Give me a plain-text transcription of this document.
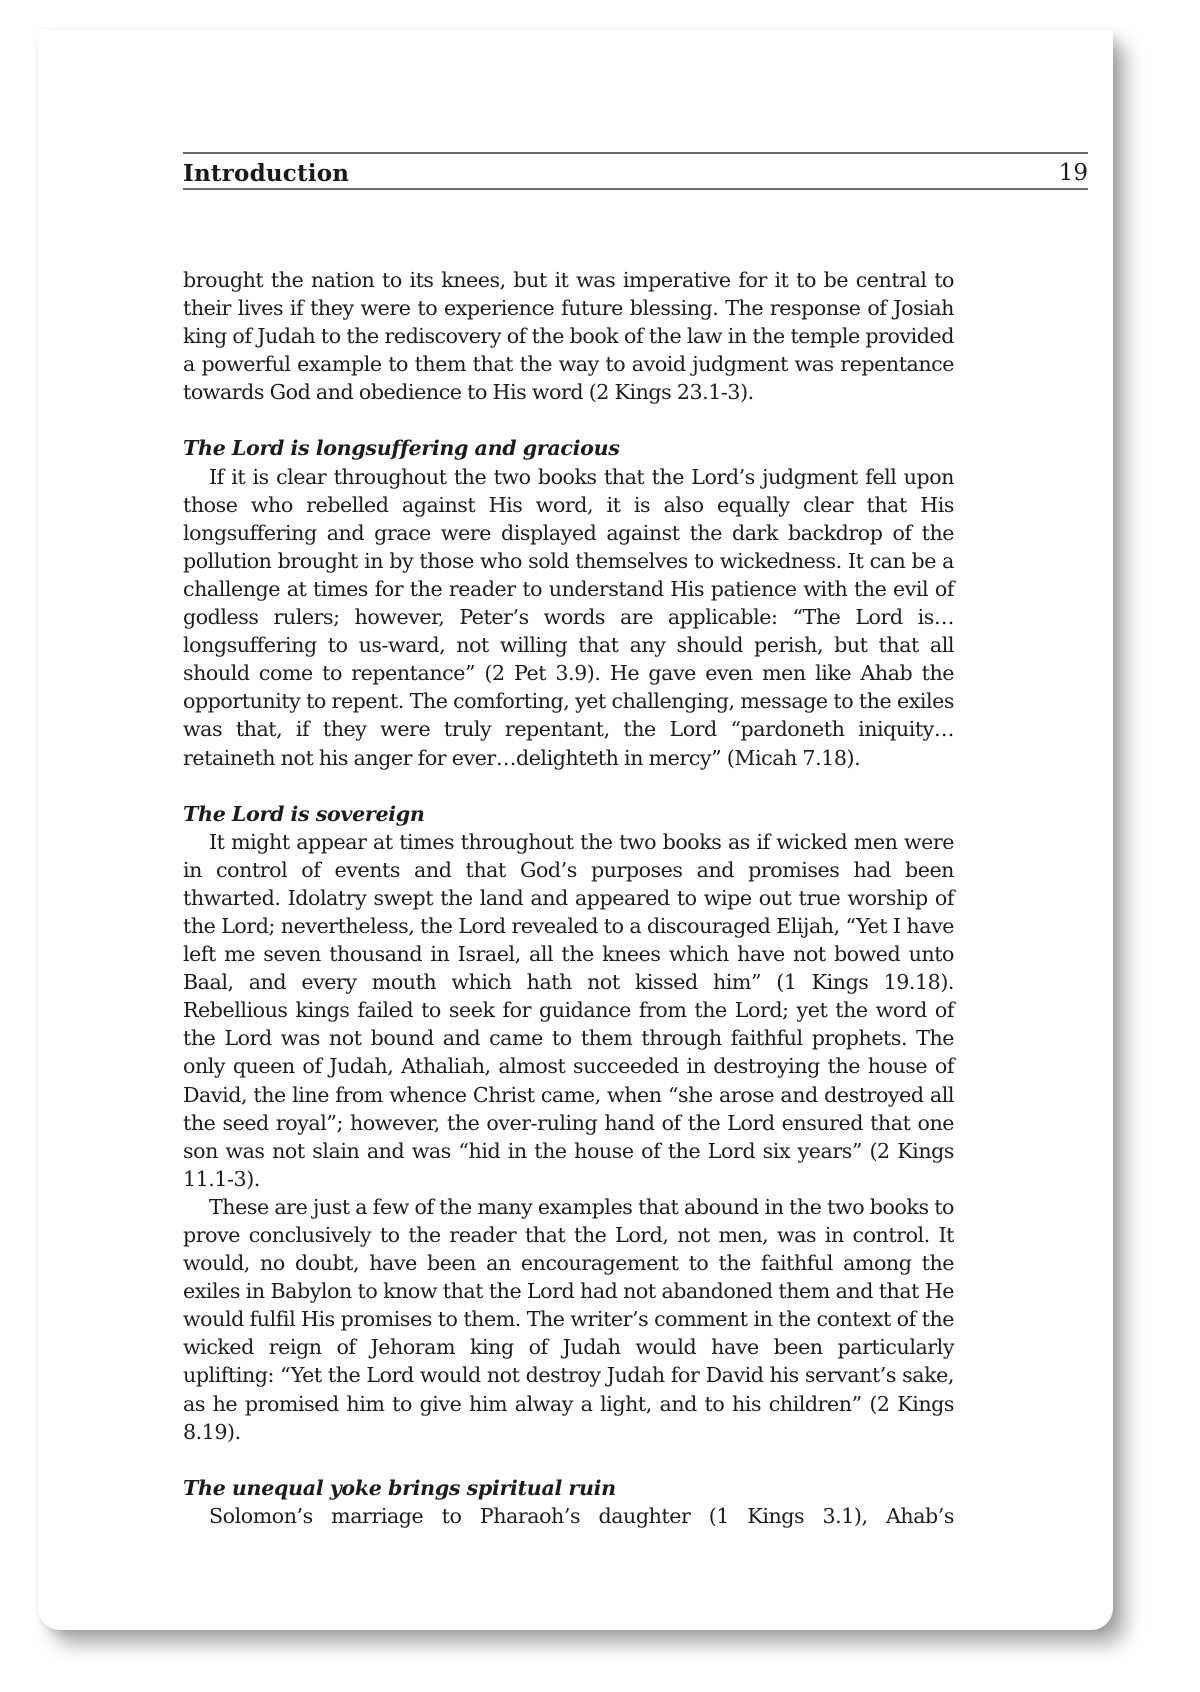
Introduction	19

brought the nation to its knees, but it was imperative for it to be central to their lives if they were to experience future blessing. The response of Josiah king of Judah to the rediscovery of the book of the law in the temple provided a powerful example to them that the way to avoid judgment was repentance towards God and obedience to His word (2 Kings 23.1-3).

The Lord is longsuffering and gracious

If it is clear throughout the two books that the Lord’s judgment fell upon those who rebelled against His word, it is also equally clear that His longsuffering and grace were displayed against the dark backdrop of the pollution brought in by those who sold themselves to wickedness. It can be a challenge at times for the reader to understand His patience with the evil of godless rulers; however, Peter’s words are applicable: “The Lord is…longsuffering to us-ward, not willing that any should perish, but that all should come to repentance” (2 Pet 3.9). He gave even men like Ahab the opportunity to repent. The comforting, yet challenging, message to the exiles was that, if they were truly repentant, the Lord “pardoneth iniquity… retaineth not his anger for ever…delighteth in mercy” (Micah 7.18).

The Lord is sovereign

It might appear at times throughout the two books as if wicked men were in control of events and that God’s purposes and promises had been thwarted. Idolatry swept the land and appeared to wipe out true worship of the Lord; nevertheless, the Lord revealed to a discouraged Elijah, “Yet I have left me seven thousand in Israel, all the knees which have not bowed unto Baal, and every mouth which hath not kissed him” (1 Kings 19.18). Rebellious kings failed to seek for guidance from the Lord; yet the word of the Lord was not bound and came to them through faithful prophets. The only queen of Judah, Athaliah, almost succeeded in destroying the house of David, the line from whence Christ came, when “she arose and destroyed all the seed royal”; however, the over-ruling hand of the Lord ensured that one son was not slain and was “hid in the house of the Lord six years” (2 Kings 11.1-3).

These are just a few of the many examples that abound in the two books to prove conclusively to the reader that the Lord, not men, was in control. It would, no doubt, have been an encouragement to the faithful among the exiles in Babylon to know that the Lord had not abandoned them and that He would fulfil His promises to them. The writer’s comment in the context of the wicked reign of Jehoram king of Judah would have been particularly uplifting: “Yet the Lord would not destroy Judah for David his servant’s sake, as he promised him to give him alway a light, and to his children” (2 Kings 8.19).

The unequal yoke brings spiritual ruin

Solomon’s marriage to Pharaoh’s daughter (1 Kings 3.1), Ahab’s
